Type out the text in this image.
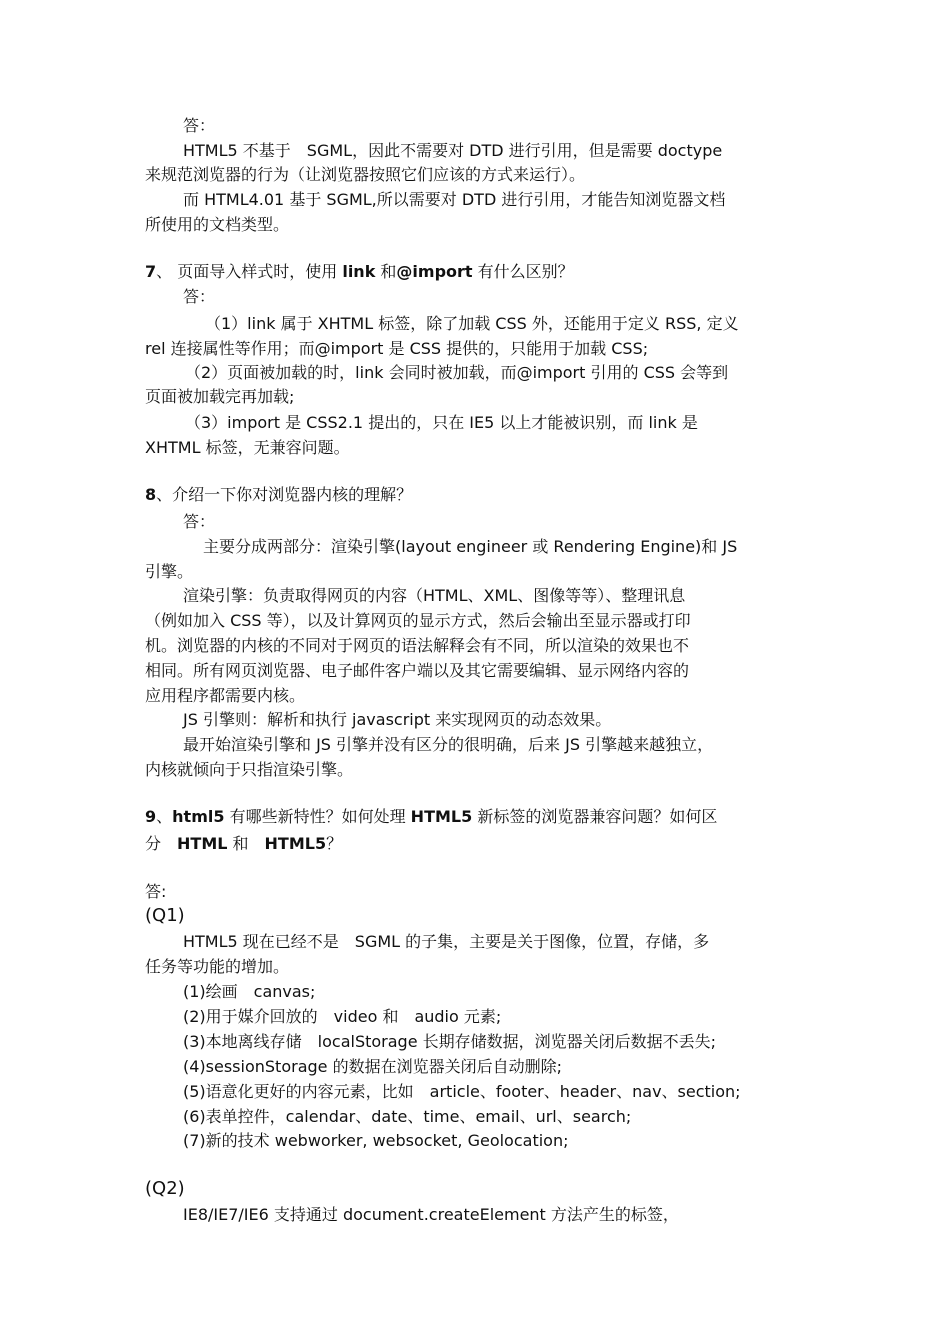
答：
HTML5 不基于　SGML，因此不需要对 DTD 进行引用，但是需要 doctype
来规范浏览器的行为（让浏览器按照它们应该的方式来运行）。
而 HTML4.01 基于 SGML,所以需要对 DTD 进行引用，才能告知浏览器文档
所使用的文档类型。
7、 页面导入样式时，使用 link 和@import 有什么区别？
答：
（1）link 属于 XHTML 标签，除了加载 CSS 外，还能用于定义 RSS, 定义
rel 连接属性等作用；而@import 是 CSS 提供的，只能用于加载 CSS;
（2）页面被加载的时，link 会同时被加载，而@import 引用的 CSS 会等到
页面被加载完再加载;
（3）import 是 CSS2.1 提出的，只在 IE5 以上才能被识别，而 link 是
XHTML 标签，无兼容问题。
8、介绍一下你对浏览器内核的理解？
答：
主要分成两部分：渲染引擎(layout engineer 或 Rendering Engine)和 JS
引擎。
渲染引擎：负责取得网页的内容（HTML、XML、图像等等）、整理讯息
（例如加入 CSS 等），以及计算网页的显示方式，然后会输出至显示器或打印
机。浏览器的内核的不同对于网页的语法解释会有不同，所以渲染的效果也不
相同。所有网页浏览器、电子邮件客户端以及其它需要编辑、显示网络内容的
应用程序都需要内核。
JS 引擎则：解析和执行 javascript 来实现网页的动态效果。
最开始渲染引擎和 JS 引擎并没有区分的很明确，后来 JS 引擎越来越独立，
内核就倾向于只指渲染引擎。
9、html5 有哪些新特性？如何处理 HTML5 新标签的浏览器兼容问题？如何区
分　HTML 和　HTML5？
答:
(Q1)
HTML5 现在已经不是　SGML 的子集，主要是关于图像，位置，存储，多
任务等功能的增加。
(1)绘画　canvas;
(2)用于媒介回放的　video 和　audio 元素;
(3)本地离线存储　localStorage 长期存储数据，浏览器关闭后数据不丢失;
(4)sessionStorage 的数据在浏览器关闭后自动删除;
(5)语意化更好的内容元素，比如　article、footer、header、nav、section;
(6)表单控件，calendar、date、time、email、url、search;
(7)新的技术 webworker, websocket, Geolocation;
(Q2)
IE8/IE7/IE6 支持通过 document.createElement 方法产生的标签，
